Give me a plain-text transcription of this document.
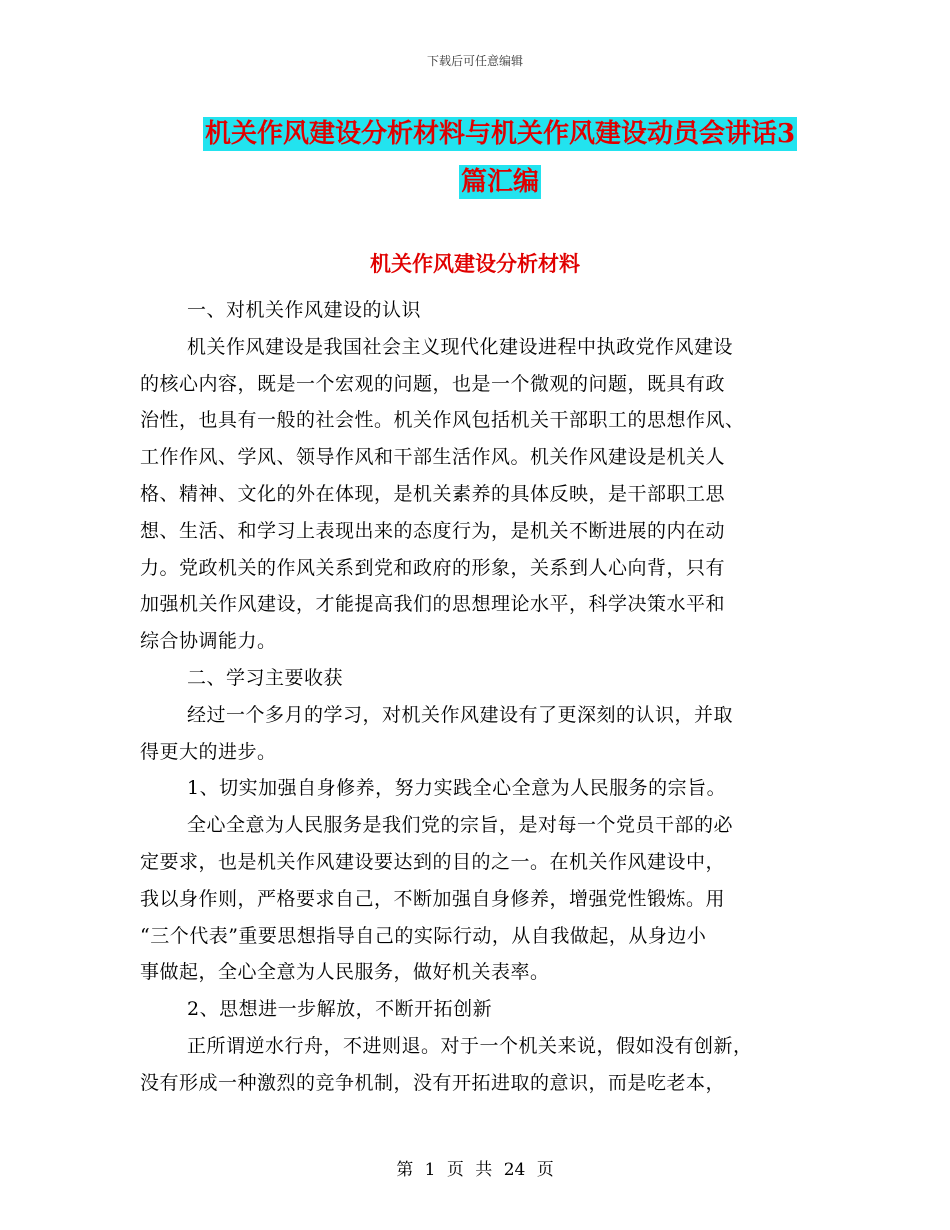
下载后可任意编辑
机关作风建设分析材料与机关作风建设动员会讲话3
篇汇编
机关作风建设分析材料
一、对机关作风建设的认识
机关作风建设是我国社会主义现代化建设进程中执政党作风建设
的核心内容，既是一个宏观的问题，也是一个微观的问题，既具有政
治性，也具有一般的社会性。机关作风包括机关干部职工的思想作风、
工作作风、学风、领导作风和干部生活作风。机关作风建设是机关人
格、精神、文化的外在体现，是机关素养的具体反映，是干部职工思
想、生活、和学习上表现出来的态度行为，是机关不断进展的内在动
力。党政机关的作风关系到党和政府的形象，关系到人心向背，只有
加强机关作风建设，才能提高我们的思想理论水平，科学决策水平和
综合协调能力。
二、学习主要收获
经过一个多月的学习，对机关作风建设有了更深刻的认识，并取
得更大的进步。
1、切实加强自身修养，努力实践全心全意为人民服务的宗旨。
全心全意为人民服务是我们党的宗旨，是对每一个党员干部的必
定要求，也是机关作风建设要达到的目的之一。在机关作风建设中，
我以身作则，严格要求自己，不断加强自身修养，增强党性锻炼。用
“三个代表”重要思想指导自己的实际行动，从自我做起，从身边小
事做起，全心全意为人民服务，做好机关表率。
2、思想进一步解放，不断开拓创新
正所谓逆水行舟，不进则退。对于一个机关来说，假如没有创新，
没有形成一种激烈的竞争机制，没有开拓进取的意识，而是吃老本，
第 1 页 共 24 页
